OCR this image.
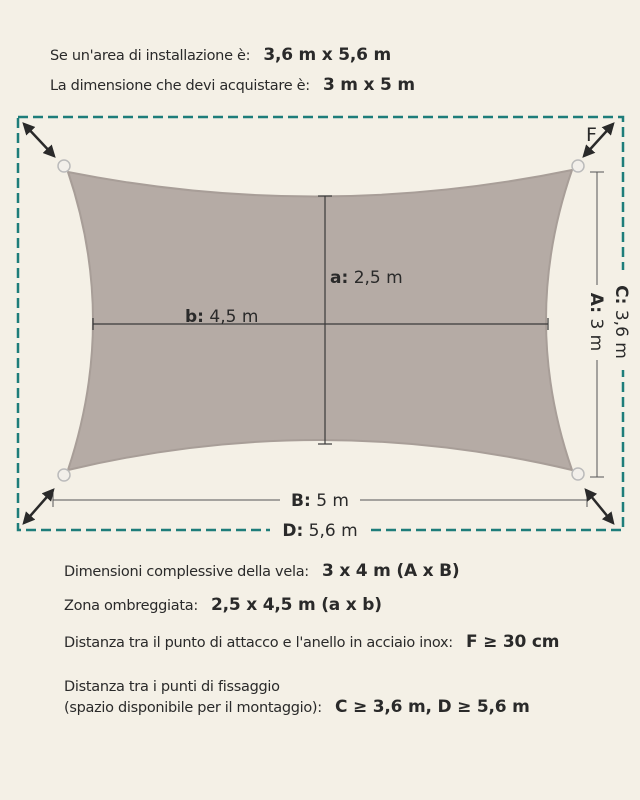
Se un'area di installazione è: 3,6 m x 5,6 m
La dimensione che devi acquistare è: 3 m x 5 m
F
a: 2,5 m
b: 4,5 m
B: 5 m
D: 5,6 m
C: 3,6 m
A: 3 m
Dimensioni complessive della vela: 3 x 4 m (A x B)
Zona ombreggiata: 2,5 x 4,5 m (a x b)
Distanza tra il punto di attacco e l'anello in acciaio inox: F ≥ 30 cm
Distanza tra i punti di fissaggio
(spazio disponibile per il montaggio): C ≥ 3,6 m, D ≥ 5,6 m
